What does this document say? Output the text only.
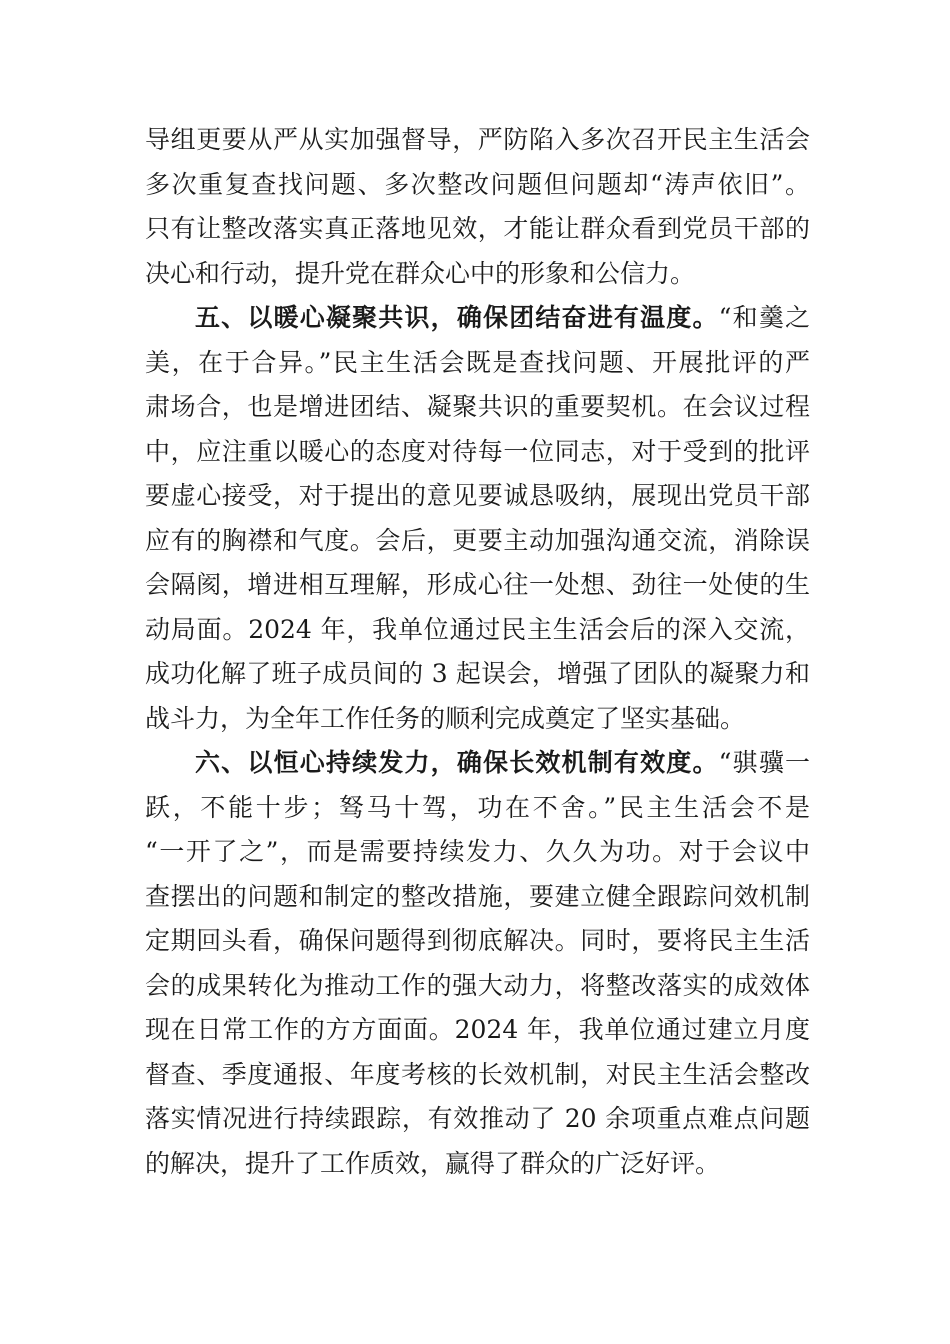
导组更要从严从实加强督导，严防陷入多次召开民主生活会
多次重复查找问题、多次整改问题但问题却“涛声依旧”。
只有让整改落实真正落地见效，才能让群众看到党员干部的
决心和行动，提升党在群众心中的形象和公信力。
五、以暖心凝聚共识，确保团结奋进有温度。“和羹之
美，在于合异。”民主生活会既是查找问题、开展批评的严
肃场合，也是增进团结、凝聚共识的重要契机。在会议过程
中，应注重以暖心的态度对待每一位同志，对于受到的批评
要虚心接受，对于提出的意见要诚恳吸纳，展现出党员干部
应有的胸襟和气度。会后，更要主动加强沟通交流，消除误
会隔阂，增进相互理解，形成心往一处想、劲往一处使的生
动局面。2024 年，我单位通过民主生活会后的深入交流，
成功化解了班子成员间的 3 起误会，增强了团队的凝聚力和
战斗力，为全年工作任务的顺利完成奠定了坚实基础。
六、以恒心持续发力，确保长效机制有效度。“骐骥一
跃，不能十步；驽马十驾，功在不舍。”民主生活会不是
“一开了之”，而是需要持续发力、久久为功。对于会议中
查摆出的问题和制定的整改措施，要建立健全跟踪问效机制
定期回头看，确保问题得到彻底解决。同时，要将民主生活
会的成果转化为推动工作的强大动力，将整改落实的成效体
现在日常工作的方方面面。2024 年，我单位通过建立月度
督查、季度通报、年度考核的长效机制，对民主生活会整改
落实情况进行持续跟踪，有效推动了 20 余项重点难点问题
的解决，提升了工作质效，赢得了群众的广泛好评。
